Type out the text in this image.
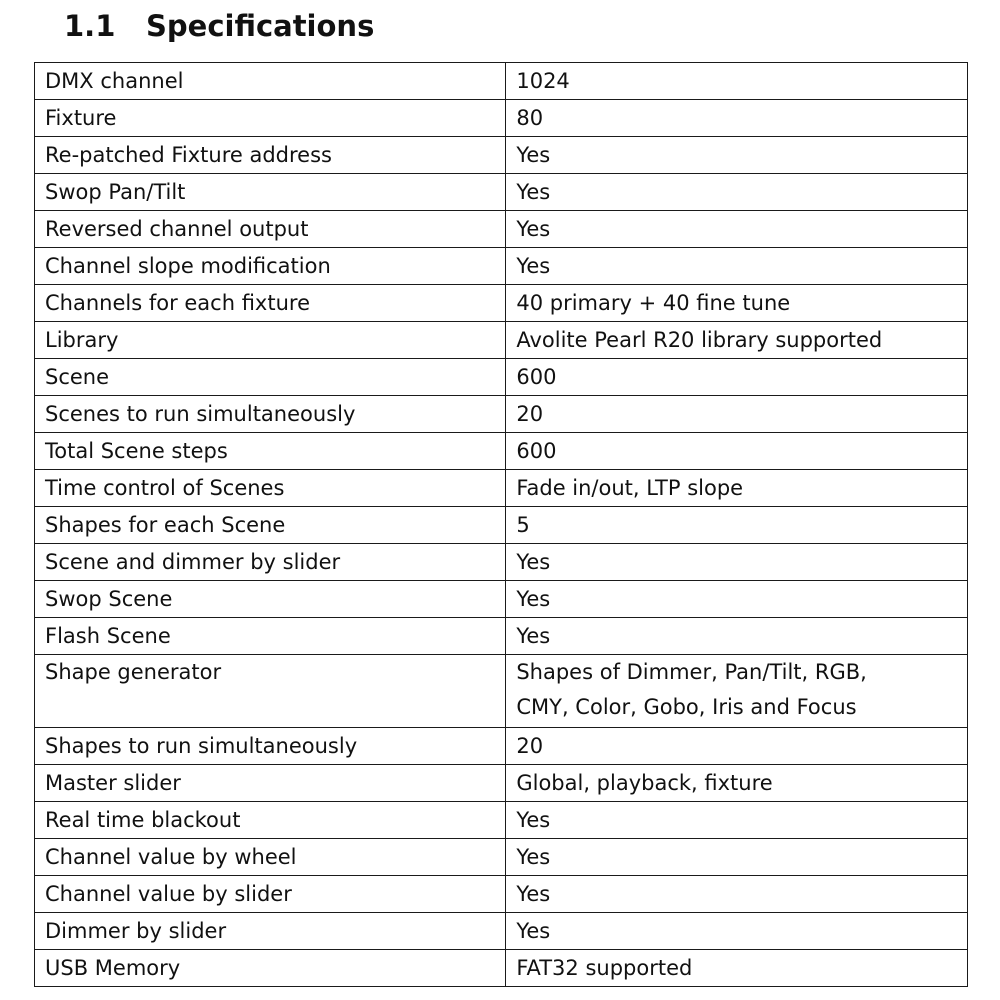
1.1	Specifications
DMX channel	1024
Fixture	80
Re-patched Fixture address	Yes
Swop Pan/Tilt	Yes
Reversed channel output	Yes
Channel slope modification	Yes
Channels for each fixture	40 primary + 40 fine tune
Library	Avolite Pearl R20 library supported
Scene	600
Scenes to run simultaneously	20
Total Scene steps	600
Time control of Scenes	Fade in/out, LTP slope
Shapes for each Scene	5
Scene and dimmer by slider	Yes
Swop Scene	Yes
Flash Scene	Yes
Shape generator	Shapes of Dimmer, Pan/Tilt, RGB,
CMY, Color, Gobo, Iris and Focus

Shapes to run simultaneously	20
Master slider	Global, playback, fixture
Real time blackout	Yes
Channel value by wheel	Yes
Channel value by slider	Yes
Dimmer by slider	Yes
USB Memory	FAT32 supported
